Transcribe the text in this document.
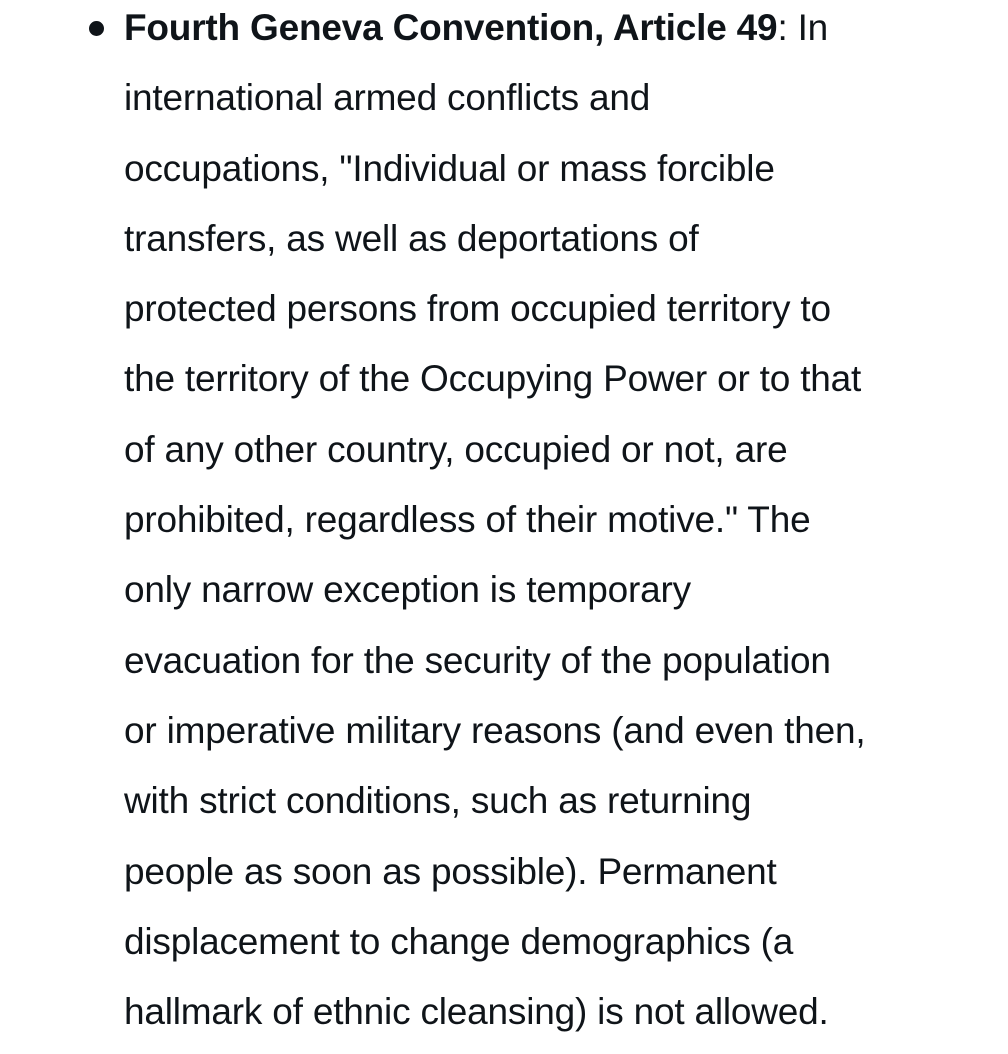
Fourth Geneva Convention, Article 49: In
international armed conflicts and
occupations, "Individual or mass forcible
transfers, as well as deportations of
protected persons from occupied territory to
the territory of the Occupying Power or to that
of any other country, occupied or not, are
prohibited, regardless of their motive." The
only narrow exception is temporary
evacuation for the security of the population
or imperative military reasons (and even then,
with strict conditions, such as returning
people as soon as possible). Permanent
displacement to change demographics (a
hallmark of ethnic cleansing) is not allowed.
